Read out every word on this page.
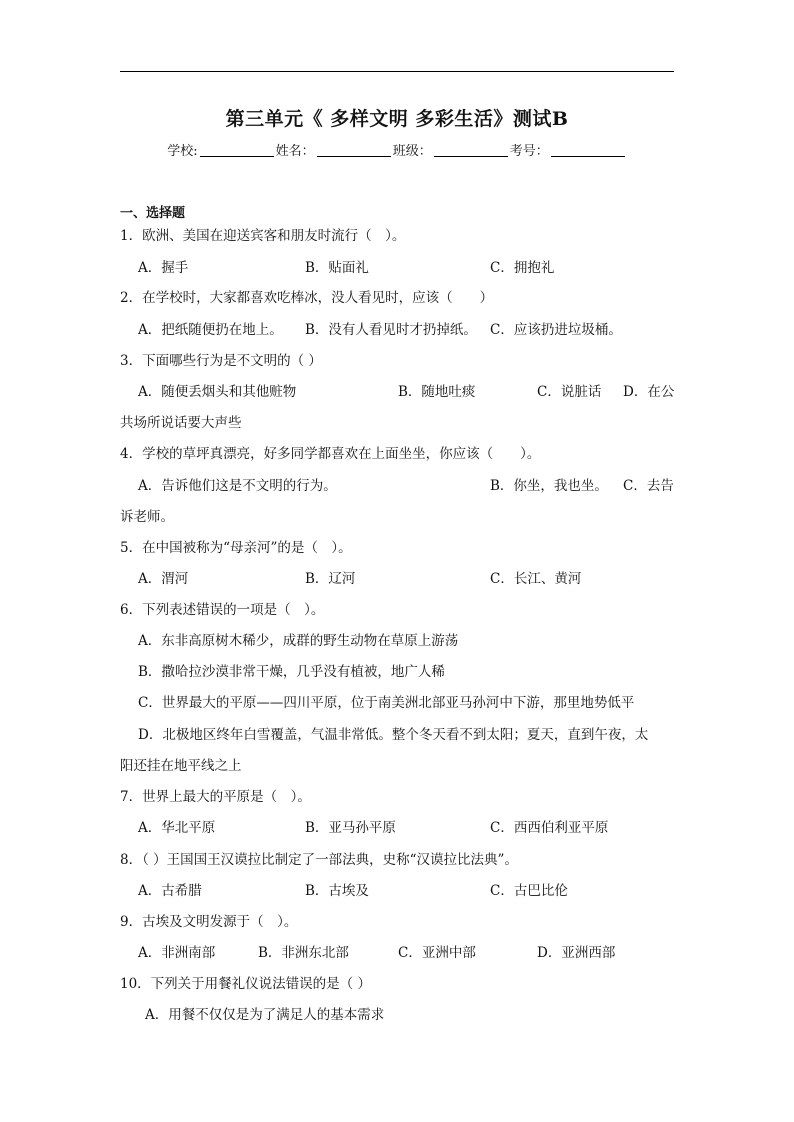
第三单元《 多样文明 多彩生活》测试B
学校:	姓名：	班级：	考号：
一、选择题
1．欧洲、美国在迎送宾客和朋友时流行（　）。
A．握手	B．贴面礼	C．拥抱礼
2．在学校时，大家都喜欢吃棒冰，没人看见时，应该（　　）
A．把纸随便扔在地上。 B．没有人看见时才扔掉纸。 C．应该扔进垃圾桶。
3．下面哪些行为是不文明的（ ）
A．随便丢烟头和其他赃物	B．随地吐痰	C．说脏话 D．在公
共场所说话要大声些
4．学校的草坪真漂亮，好多同学都喜欢在上面坐坐，你应该（　　）。
A．告诉他们这是不文明的行为。	B．你坐，我也坐。 C．去告
诉老师。
5．在中国被称为“母亲河”的是（　）。
A．渭河	B．辽河	C．长江、黄河
6．下列表述错误的一项是（　）。
A．东非高原树木稀少，成群的野生动物在草原上游荡
B．撒哈拉沙漠非常干燥，几乎没有植被，地广人稀
C．世界最大的平原——四川平原，位于南美洲北部亚马孙河中下游，那里地势低平
D．北极地区终年白雪覆盖，气温非常低。整个冬天看不到太阳；夏天，直到午夜，太
阳还挂在地平线之上
7．世界上最大的平原是（　）。
A．华北平原	B．亚马孙平原	C．西西伯利亚平原
8．（ ）王国国王汉谟拉比制定了一部法典，史称“汉谟拉比法典”。
A．古希腊	B．古埃及	C．古巴比伦
9．古埃及文明发源于（　）。
A．非洲南部	B．非洲东北部	C．亚洲中部	D．亚洲西部
10．下列关于用餐礼仪说法错误的是（ ）
A．用餐不仅仅是为了满足人的基本需求
